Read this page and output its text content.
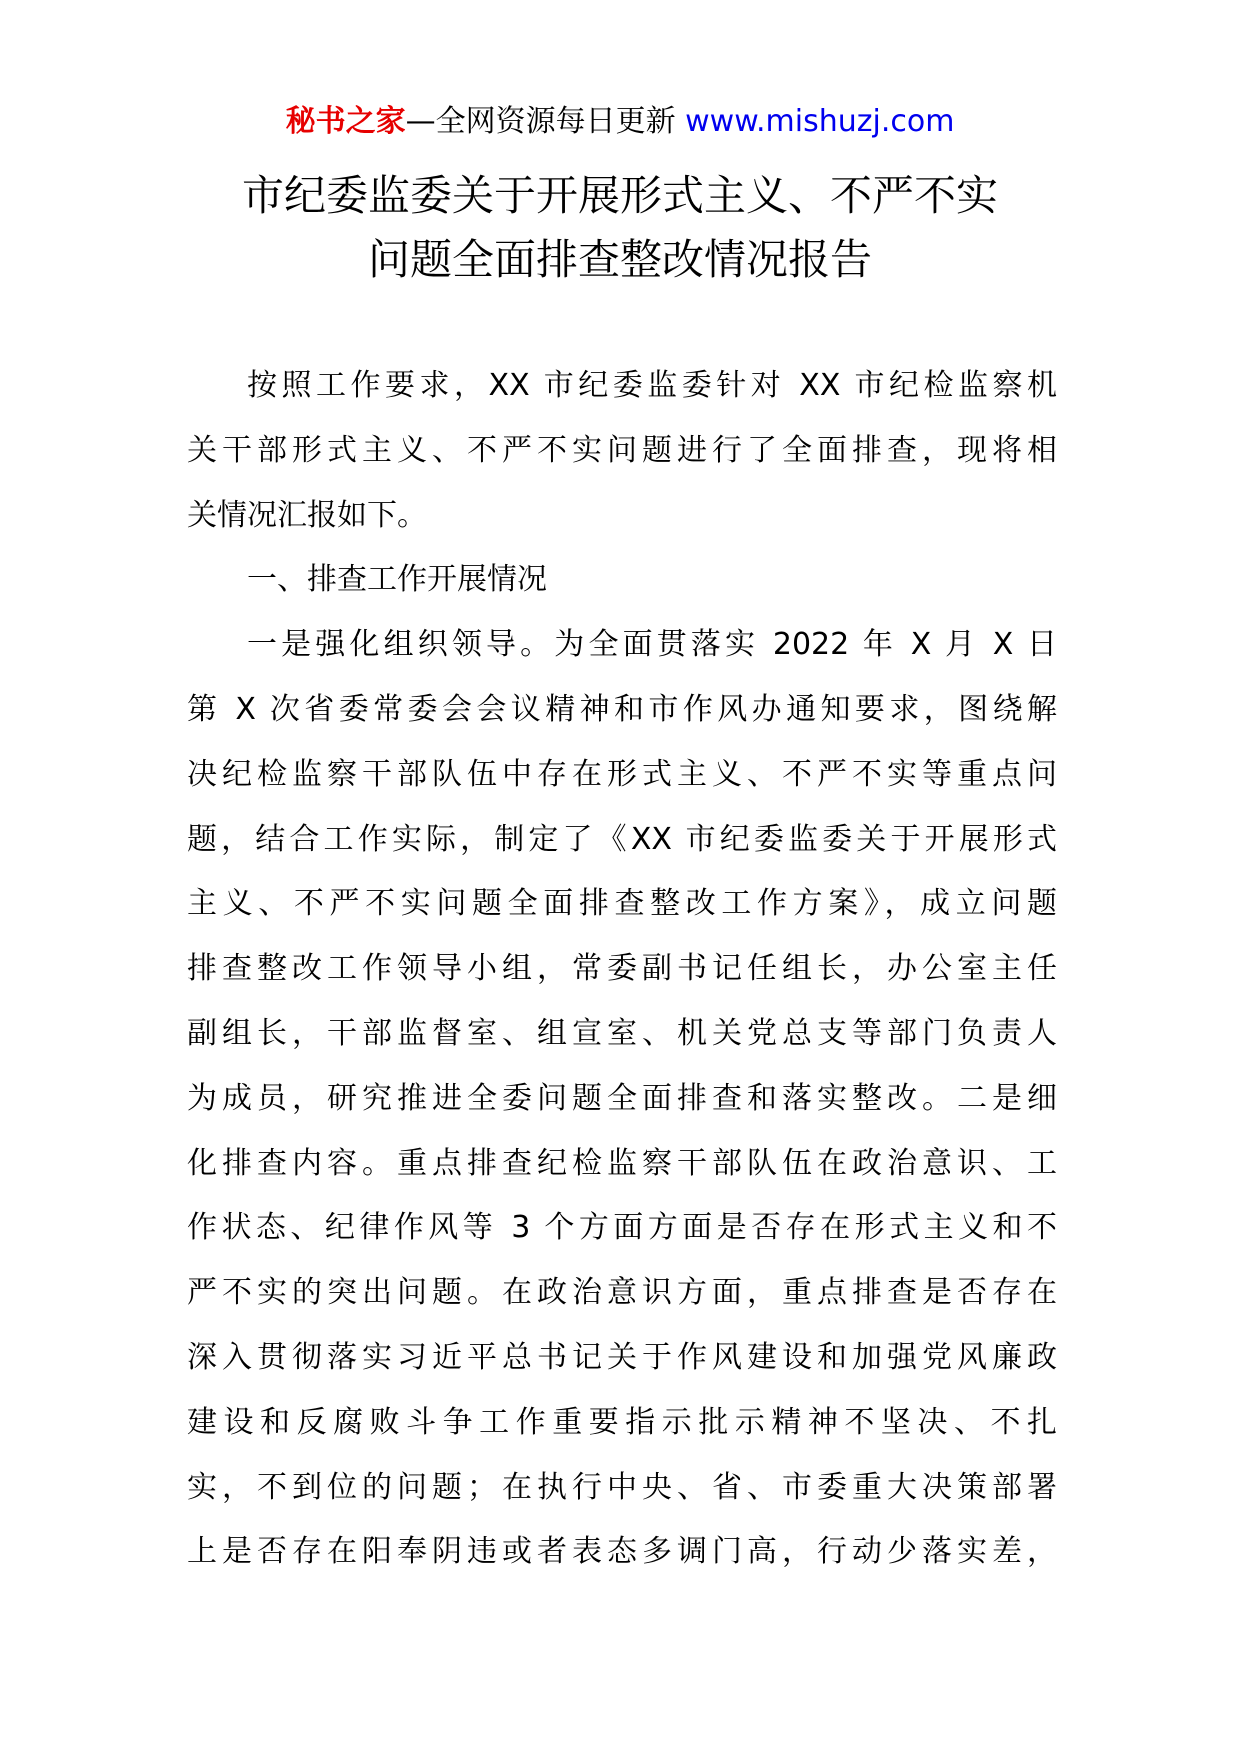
秘书之家—全网资源每日更新 www.mishuzj.com
市纪委监委关于开展形式主义、不严不实
问题全面排查整改情况报告
按照工作要求，XX 市纪委监委针对 XX 市纪检监察机
关干部形式主义、不严不实问题进行了全面排查，现将相
关情况汇报如下。
一、排查工作开展情况
一是强化组织领导。为全面贯落实 2022 年 X 月 X 日
第 X 次省委常委会会议精神和市作风办通知要求，图绕解
决纪检监察干部队伍中存在形式主义、不严不实等重点问
题，结合工作实际，制定了《XX 市纪委监委关于开展形式
主义、不严不实问题全面排查整改工作方案》，成立问题
排查整改工作领导小组，常委副书记任组长，办公室主任
副组长，干部监督室、组宣室、机关党总支等部门负责人
为成员，研究推进全委问题全面排查和落实整改。二是细
化排查内容。重点排查纪检监察干部队伍在政治意识、工
作状态、纪律作风等 3 个方面方面是否存在形式主义和不
严不实的突出问题。在政治意识方面，重点排查是否存在
深入贯彻落实习近平总书记关于作风建设和加强党风廉政
建设和反腐败斗争工作重要指示批示精神不坚决、不扎
实，不到位的问题；在执行中央、省、市委重大决策部署
上是否存在阳奉阴违或者表态多调门高，行动少落实差，
